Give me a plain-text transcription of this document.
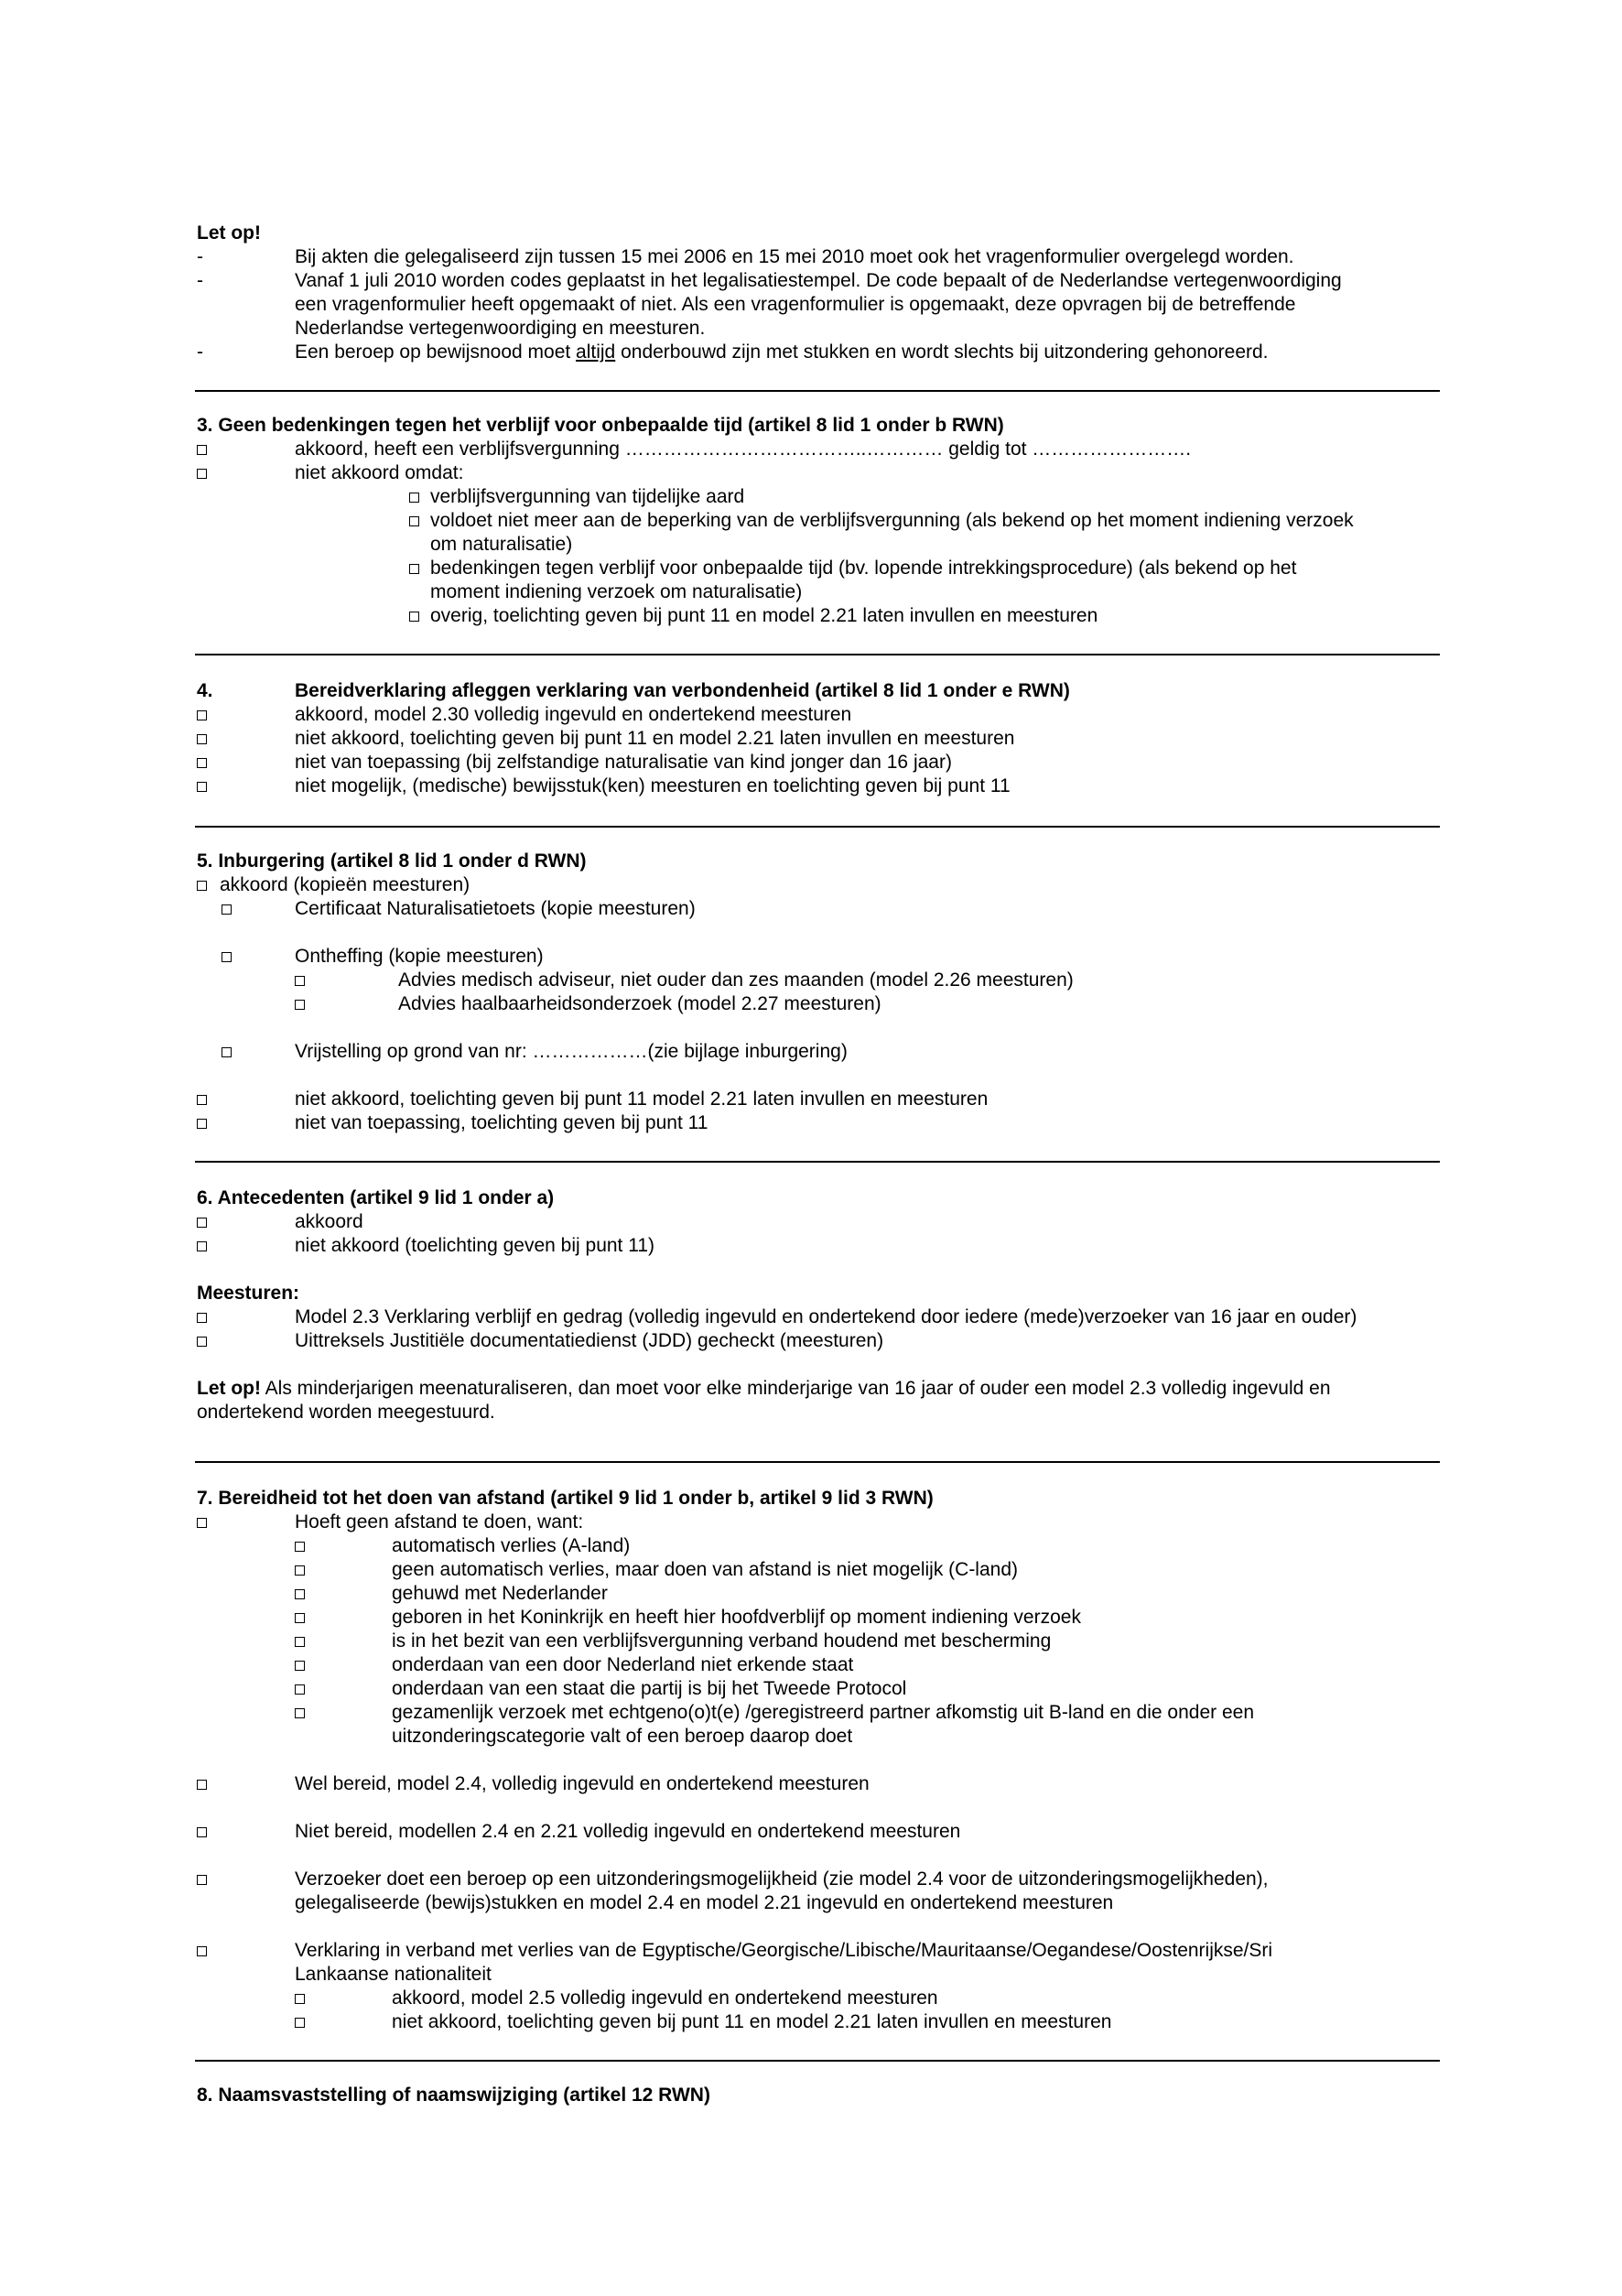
Let op!
-	Bij akten die gelegaliseerd zijn tussen 15 mei 2006 en 15 mei 2010 moet ook het vragenformulier overgelegd worden.
-	Vanaf 1 juli 2010 worden codes geplaatst in het legalisatiestempel. De code bepaalt of de Nederlandse vertegenwoordiging
een vragenformulier heeft opgemaakt of niet. Als een vragenformulier is opgemaakt, deze opvragen bij de betreffende
Nederlandse vertegenwoordiging en meesturen.
-	Een beroep op bewijsnood moet altijd onderbouwd zijn met stukken en wordt slechts bij uitzondering gehonoreerd.
3. Geen bedenkingen tegen het verblijf voor onbepaalde tijd (artikel 8 lid 1 onder b RWN)
akkoord, heeft een verblijfsvergunning ………………………………..………… geldig tot …………………….
niet akkoord omdat:
verblijfsvergunning van tijdelijke aard
voldoet niet meer aan de beperking van de verblijfsvergunning (als bekend op het moment indiening verzoek
om naturalisatie)
bedenkingen tegen verblijf voor onbepaalde tijd (bv. lopende intrekkingsprocedure) (als bekend op het
moment indiening verzoek om naturalisatie)
overig, toelichting geven bij punt 11 en model 2.21 laten invullen en meesturen
4.	Bereidverklaring afleggen verklaring van verbondenheid (artikel 8 lid 1 onder e RWN)
akkoord, model 2.30 volledig ingevuld en ondertekend meesturen
niet akkoord, toelichting geven bij punt 11 en model 2.21 laten invullen en meesturen
niet van toepassing (bij zelfstandige naturalisatie van kind jonger dan 16 jaar)
niet mogelijk, (medische) bewijsstuk(ken) meesturen en toelichting geven bij punt 11
5. Inburgering (artikel 8 lid 1 onder d RWN)
akkoord (kopieën meesturen)
Certificaat Naturalisatietoets (kopie meesturen)
Ontheffing (kopie meesturen)
Advies medisch adviseur, niet ouder dan zes maanden (model 2.26 meesturen)
Advies haalbaarheidsonderzoek (model 2.27 meesturen)
Vrijstelling op grond van nr: ………………(zie bijlage inburgering)
niet akkoord, toelichting geven bij punt 11 model 2.21 laten invullen en meesturen
niet van toepassing, toelichting geven bij punt 11
6. Antecedenten (artikel 9 lid 1 onder a)
akkoord
niet akkoord (toelichting geven bij punt 11)
Meesturen:
Model 2.3 Verklaring verblijf en gedrag (volledig ingevuld en ondertekend door iedere (mede)verzoeker van 16 jaar en ouder)
Uittreksels Justitiële documentatiedienst (JDD) gecheckt (meesturen)
Let op! Als minderjarigen meenaturaliseren, dan moet voor elke minderjarige van 16 jaar of ouder een model 2.3 volledig ingevuld en
ondertekend worden meegestuurd.
7. Bereidheid tot het doen van afstand (artikel 9 lid 1 onder b, artikel 9 lid 3 RWN)
Hoeft geen afstand te doen, want:
automatisch verlies (A-land)
geen automatisch verlies, maar doen van afstand is niet mogelijk (C-land)
gehuwd met Nederlander
geboren in het Koninkrijk en heeft hier hoofdverblijf op moment indiening verzoek
is in het bezit van een verblijfsvergunning verband houdend met bescherming
onderdaan van een door Nederland niet erkende staat
onderdaan van een staat die partij is bij het Tweede Protocol
gezamenlijk verzoek met echtgeno(o)t(e) /geregistreerd partner afkomstig uit B-land en die onder een
uitzonderingscategorie valt of een beroep daarop doet
Wel bereid, model 2.4, volledig ingevuld en ondertekend meesturen
Niet bereid, modellen 2.4 en 2.21 volledig ingevuld en ondertekend meesturen
Verzoeker doet een beroep op een uitzonderingsmogelijkheid (zie model 2.4 voor de uitzonderingsmogelijkheden),
gelegaliseerde (bewijs)stukken en model 2.4 en model 2.21 ingevuld en ondertekend meesturen
Verklaring in verband met verlies van de Egyptische/Georgische/Libische/Mauritaanse/Oegandese/Oostenrijkse/Sri
Lankaanse nationaliteit
akkoord, model 2.5 volledig ingevuld en ondertekend meesturen
niet akkoord, toelichting geven bij punt 11 en model 2.21 laten invullen en meesturen
8. Naamsvaststelling of naamswijziging (artikel 12 RWN)
